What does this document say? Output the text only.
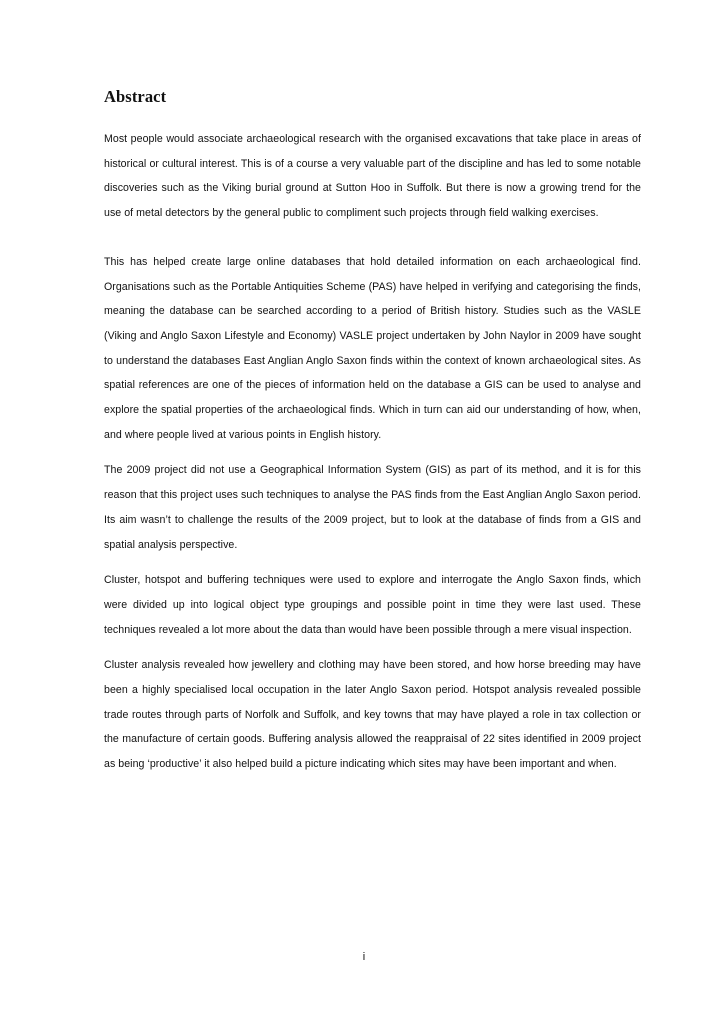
Abstract

Most people would associate archaeological research with the organised excavations that take place in areas of historical or cultural interest. This is of a course a very valuable part of the discipline and has led to some notable discoveries such as the Viking burial ground at Sutton Hoo in Suffolk. But there is now a growing trend for the use of metal detectors by the general public to compliment such projects through field walking exercises.

This has helped create large online databases that hold detailed information on each archaeological find. Organisations such as the Portable Antiquities Scheme (PAS) have helped in verifying and categorising the finds, meaning the database can be searched according to a period of British history. Studies such as the VASLE (Viking and Anglo Saxon Lifestyle and Economy) VASLE project undertaken by John Naylor in 2009 have sought to understand the databases East Anglian Anglo Saxon finds within the context of known archaeological sites. As spatial references are one of the pieces of information held on the database a GIS can be used to analyse and explore the spatial properties of the archaeological finds. Which in turn can aid our understanding of how, when, and where people lived at various points in English history.

The 2009 project did not use a Geographical Information System (GIS) as part of its method, and it is for this reason that this project uses such techniques to analyse the PAS finds from the East Anglian Anglo Saxon period. Its aim wasn’t to challenge the results of the 2009 project, but to look at the database of finds from a GIS and spatial analysis perspective.

Cluster, hotspot and buffering techniques were used to explore and interrogate the Anglo Saxon finds, which were divided up into logical object type groupings and possible point in time they were last used. These techniques revealed a lot more about the data than would have been possible through a mere visual inspection.

Cluster analysis revealed how jewellery and clothing may have been stored, and how horse breeding may have been a highly specialised local occupation in the later Anglo Saxon period. Hotspot analysis revealed possible trade routes through parts of Norfolk and Suffolk, and key towns that may have played a role in tax collection or the manufacture of certain goods. Buffering analysis allowed the reappraisal of 22 sites identified in 2009 project as being ‘productive’ it also helped build a picture indicating which sites may have been important and when.

i
